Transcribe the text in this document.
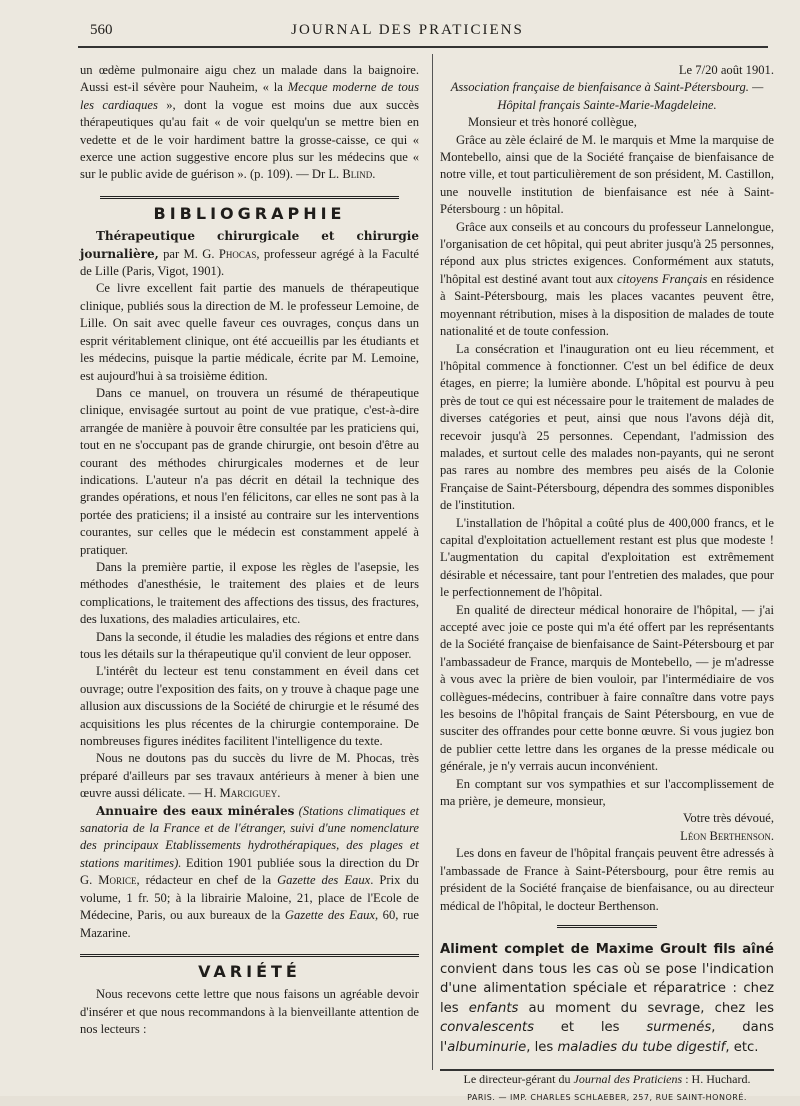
560	JOURNAL DES PRATICIENS

un œdème pulmonaire aigu chez un malade dans la baignoire. Aussi est-il sévère pour Nauheim, « la Mecque moderne de tous les cardiaques », dont la vogue est moins due aux succès thérapeutiques qu'au fait « de voir quelqu'un se mettre bien en vedette et de le voir hardiment battre la grosse-caisse, ce qui « exerce une action suggestive encore plus sur les médecins que « sur le public avide de guérison ». (p. 109). — Dr L. Blind.

BIBLIOGRAPHIE

Thérapeutique chirurgicale et chirurgie journalière, par M. G. Phocas, professeur agrégé à la Faculté de Lille (Paris, Vigot, 1901).

Ce livre excellent fait partie des manuels de thérapeutique clinique, publiés sous la direction de M. le professeur Lemoine, de Lille. On sait avec quelle faveur ces ouvrages, conçus dans un esprit véritablement clinique, ont été accueillis par les étudiants et les médecins, puisque la partie médicale, écrite par M. Lemoine, est aujourd'hui à sa troisième édition.

Dans ce manuel, on trouvera un résumé de thérapeutique clinique, envisagée surtout au point de vue pratique, c'est-à-dire arrangée de manière à pouvoir être consultée par les praticiens qui, tout en ne s'occupant pas de grande chirurgie, ont besoin d'être au courant des méthodes chirurgicales modernes et de leur indications. L'auteur n'a pas décrit en détail la technique des grandes opérations, et nous l'en félicitons, car elles ne sont pas à la portée des praticiens; il a insisté au contraire sur les interventions courantes, sur celles que le médecin est constamment appelé à pratiquer.

Dans la première partie, il expose les règles de l'asepsie, les méthodes d'anesthésie, le traitement des plaies et de leurs complications, le traitement des affections des tissus, des fractures, des luxations, des maladies articulaires, etc.

Dans la seconde, il étudie les maladies des régions et entre dans tous les détails sur la thérapeutique qu'il convient de leur opposer.

L'intérêt du lecteur est tenu constamment en éveil dans cet ouvrage; outre l'exposition des faits, on y trouve à chaque page une allusion aux discussions de la Société de chirurgie et le résumé des acquisitions les plus récentes de la chirurgie contemporaine. De nombreuses figures inédites facilitent l'intelligence du texte.

Nous ne doutons pas du succès du livre de M. Phocas, très préparé d'ailleurs par ses travaux antérieurs à mener à bien une œuvre aussi délicate. — H. Marciguey.

Annuaire des eaux minérales (Stations climatiques et sanatoria de la France et de l'étranger, suivi d'une nomenclature des principaux Etablissements hydrothérapiques, des plages et stations maritimes). Edition 1901 publiée sous la direction du Dr G. Morice, rédacteur en chef de la Gazette des Eaux. Prix du volume, 1 fr. 50; à la librairie Maloine, 21, place de l'Ecole de Médecine, Paris, ou aux bureaux de la Gazette des Eaux, 60, rue Mazarine.

VARIÉTÉ

Nous recevons cette lettre que nous faisons un agréable devoir d'insérer et que nous recommandons à la bienveillante attention de nos lecteurs :

Le 7/20 août 1901.

Association française de bienfaisance à Saint-Pétersbourg. —

Hôpital français Sainte-Marie-Magdeleine.

Monsieur et très honoré collègue,

Grâce au zèle éclairé de M. le marquis et Mme la marquise de Montebello, ainsi que de la Société française de bienfaisance de notre ville, et tout particulièrement de son président, M. Castillon, une nouvelle institution de bienfaisance est née à Saint-Pétersbourg : un hôpital.

Grâce aux conseils et au concours du professeur Lannelongue, l'organisation de cet hôpital, qui peut abriter jusqu'à 25 personnes, répond aux plus strictes exigences. Conformément aux statuts, l'hôpital est destiné avant tout aux citoyens Français en résidence à Saint-Pétersbourg, mais les places vacantes peuvent être, moyennant rétribution, mises à la disposition de malades de toute nationalité et de toute confession.

La consécration et l'inauguration ont eu lieu récemment, et l'hôpital commence à fonctionner. C'est un bel édifice de deux étages, en pierre; la lumière abonde. L'hôpital est pourvu à peu près de tout ce qui est nécessaire pour le traitement de malades de diverses catégories et peut, ainsi que nous l'avons déjà dit, recevoir jusqu'à 25 personnes. Cependant, l'admission des malades, et surtout celle des malades non-payants, qui ne seront pas rares au nombre des membres peu aisés de la Colonie Française de Saint-Pétersbourg, dépendra des sommes disponibles de l'institution.

L'installation de l'hôpital a coûté plus de 400,000 francs, et le capital d'exploitation actuellement restant est plus que modeste ! L'augmentation du capital d'exploitation est extrêmement désirable et nécessaire, tant pour l'entretien des malades, que pour le perfectionnement de l'hôpital.

En qualité de directeur médical honoraire de l'hôpital, — j'ai accepté avec joie ce poste qui m'a été offert par les représentants de la Société française de bienfaisance de Saint-Pétersbourg et par l'ambassadeur de France, marquis de Montebello, — je m'adresse à vous avec la prière de bien vouloir, par l'intermédiaire de vos collègues-médecins, contribuer à faire connaître dans votre pays les besoins de l'hôpital français de Saint Pétersbourg, en vue de susciter des offrandes pour cette bonne œuvre. Si vous jugiez bon de publier cette lettre dans les organes de la presse médicale ou générale, je n'y verrais aucun inconvénient.

En comptant sur vos sympathies et sur l'accomplissement de ma prière, je demeure, monsieur,

Votre très dévoué,

Léon Berthenson.

Les dons en faveur de l'hôpital français peuvent être adressés à l'ambassade de France à Saint-Pétersbourg, pour être remis au président de la Société française de bienfaisance, ou au directeur médical de l'hôpital, le docteur Berthenson.

Aliment complet de Maxime Groult fils aîné convient dans tous les cas où se pose l'indication d'une alimentation spéciale et réparatrice : chez les enfants au moment du sevrage, chez les convalescents et les surmenés, dans l'albuminurie, les maladies du tube digestif, etc.

Le directeur-gérant du Journal des Praticiens : H. Huchard.

PARIS. — IMP. CHARLES SCHLAEBER, 257, RUE SAINT-HONORÉ.
